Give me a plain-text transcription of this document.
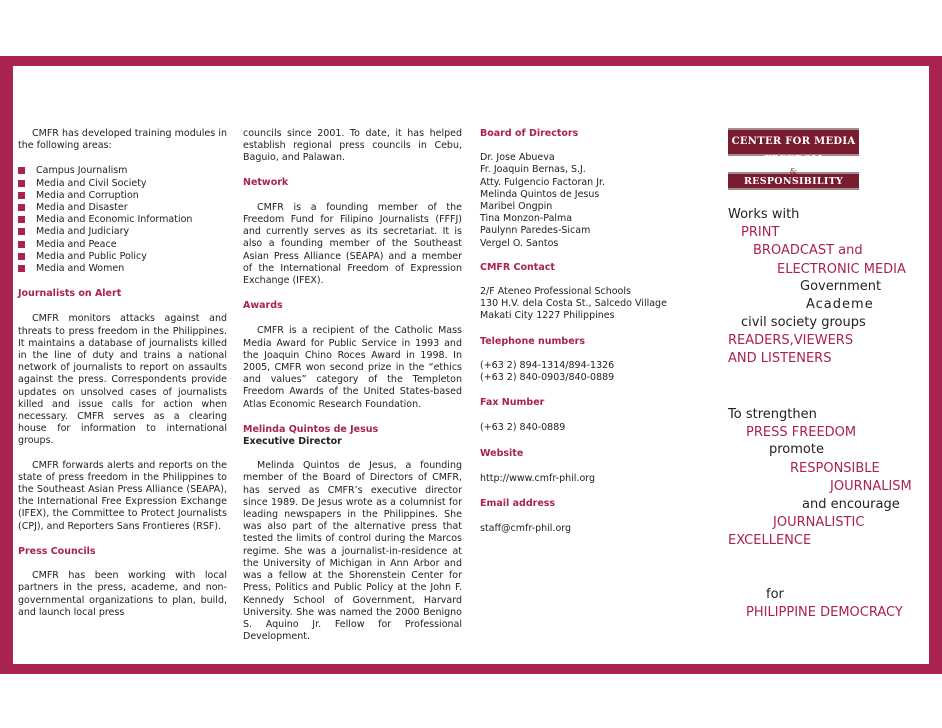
CMFR has developed training modules in the following areas:

Campus Journalism
Media and Civil Society
Media and Corruption
Media and Disaster
Media and Economic Information
Media and Judiciary
Media and Peace
Media and Public Policy
Media and Women

Journalists on Alert

CMFR monitors attacks against and threats to press freedom in the Philippines. It maintains a database of journalists killed in the line of duty and trains a national network of journalists to report on assaults against the press. Correspondents provide updates on unsolved cases of journalists killed and issue calls for action when necessary. CMFR serves as a clearing house for information to international groups.

CMFR forwards alerts and reports on the state of press freedom in the Philippines to the Southeast Asian Press Alliance (SEAPA), the International Free Expression Exchange (IFEX), the Committee to Protect Journalists (CPJ), and Reporters Sans Frontieres (RSF).

Press Councils

CMFR has been working with local partners in the press, academe, and non-governmental organizations to plan, build, and launch local press

councils since 2001. To date, it has helped establish regional press councils in Cebu, Baguio, and Palawan.

Network

CMFR is a founding member of the Freedom Fund for Filipino Journalists (FFFJ) and currently serves as its secretariat. It is also a founding member of the Southeast Asian Press Alliance (SEAPA) and a member of the International Freedom of Expression Exchange (IFEX).

Awards

CMFR is a recipient of the Catholic Mass Media Award for Public Service in 1993 and the Joaquin Chino Roces Award in 1998. In 2005, CMFR won second prize in the “ethics and values” category of the Templeton Freedom Awards of the United States-based Atlas Economic Research Foundation.

Melinda Quintos de Jesus

Executive Director

Melinda Quintos de Jesus, a founding member of the Board of Directors of CMFR, has served as CMFR’s executive director since 1989. De Jesus wrote as a columnist for leading newspapers in the Philippines. She was also part of the alternative press that tested the limits of control during the Marcos regime. She was a journalist-in-residence at the University of Michigan in Ann Arbor and was a fellow at the Shorenstein Center for Press, Politics and Public Policy at the John F. Kennedy School of Government, Harvard University. She was named the 2000 Benigno S. Aquino Jr. Fellow for Professional Development.

Board of Directors
Dr. Jose Abueva
Fr. Joaquin Bernas, S.J.
Atty. Fulgencio Factoran Jr.
Melinda Quintos de Jesus
Maribel Ongpin
Tina Monzon-Palma
Paulynn Paredes-Sicam
Vergel O. Santos
CMFR Contact
2/F Ateneo Professional Schools
130 H.V. dela Costa St., Salcedo Village
Makati City 1227 Philippines
Telephone numbers
(+63 2) 894-1314/894-1326
(+63 2) 840-0903/840-0889
Fax Number
(+63 2) 840-0889
Website
http://www.cmfr-phil.org
Email address
staff@cmfr-phil.org
CENTER FOR MEDIA
FREEDOM
&
RESPONSIBILITY
Works with
PRINT
BROADCAST and
ELECTRONIC MEDIA
Government
Academe
civil society groups
READERS,VIEWERS
AND LISTENERS
To strengthen
PRESS FREEDOM
promote
RESPONSIBLE
JOURNALISM
and encourage
JOURNALISTIC
EXCELLENCE
for
PHILIPPINE DEMOCRACY
